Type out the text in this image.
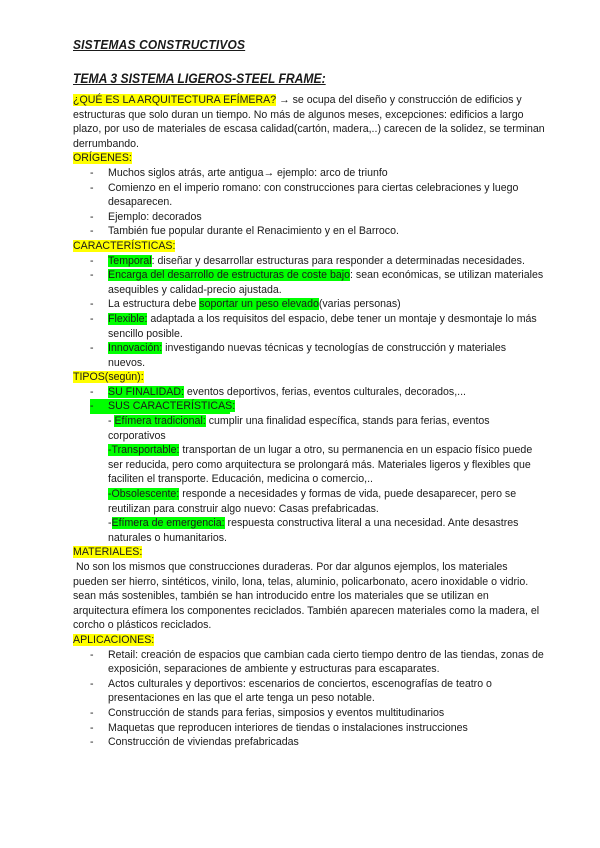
SISTEMAS CONSTRUCTIVOS
TEMA 3 SISTEMA LIGEROS-STEEL FRAME:

¿QUÉ ES LA ARQUITECTURA EFÍMERA? → se ocupa del diseño y construcción de edificios y estructuras que solo duran un tiempo. No más de algunos meses, excepciones: edificios a largo plazo, por uso de materiales de escasa calidad(cartón, madera,..) carecen de la solidez, se terminan derrumbando.

ORÍGENES:

- Muchos siglos atrás, arte antigua→ ejemplo: arco de triunfo
- Comienzo en el imperio romano: con construcciones para ciertas celebraciones y luego desaparecen.
- Ejemplo: decorados
- También fue popular durante el Renacimiento y en el Barroco.

CARACTERÍSTICAS:

- Temporal: diseñar y desarrollar estructuras para responder a determinadas necesidades.
- Encarga del desarrollo de estructuras de coste bajo: sean económicas, se utilizan materiales asequibles y calidad-precio ajustada.
- La estructura debe soportar un peso elevado(varias personas)
- Flexible: adaptada a los requisitos del espacio, debe tener un montaje y desmontaje lo más sencillo posible.
- Innovación: investigando nuevas técnicas y tecnologías de construcción y materiales nuevos.

TIPOS(según):

- SU FINALIDAD: eventos deportivos, ferias, eventos culturales, decorados,...
- SUS CARACTERÍSTICAS:

- Efímera tradicional: cumplir una finalidad específica, stands para ferias, eventos corporativos

-Transportable: transportan de un lugar a otro, su permanencia en un espacio físico puede ser reducida, pero como arquitectura se prolongará más. Materiales ligeros y flexibles que faciliten el transporte. Educación, medicina o comercio,..

-Obsolescente: responde a necesidades y formas de vida, puede desaparecer, pero se reutilizan para construir algo nuevo: Casas prefabricadas.

-Efímera de emergencia: respuesta constructiva literal a una necesidad. Ante desastres naturales o humanitarios.

MATERIALES:

No son los mismos que construcciones duraderas. Por dar algunos ejemplos, los materiales pueden ser hierro, sintéticos, vinilo, lona, telas, aluminio, policarbonato, acero inoxidable o vidrio. sean más sostenibles, también se han introducido entre los materiales que se utilizan en arquitectura efímera los componentes reciclados. También aparecen materiales como la madera, el corcho o plásticos reciclados.

APLICACIONES:

- Retail: creación de espacios que cambian cada cierto tiempo dentro de las tiendas, zonas de exposición, separaciones de ambiente y estructuras para escaparates.
- Actos culturales y deportivos: escenarios de conciertos, escenografías de teatro o presentaciones en las que el arte tenga un peso notable.
- Construcción de stands para ferias, simposios y eventos multitudinarios
- Maquetas que reproducen interiores de tiendas o instalaciones instrucciones
- Construcción de viviendas prefabricadas
